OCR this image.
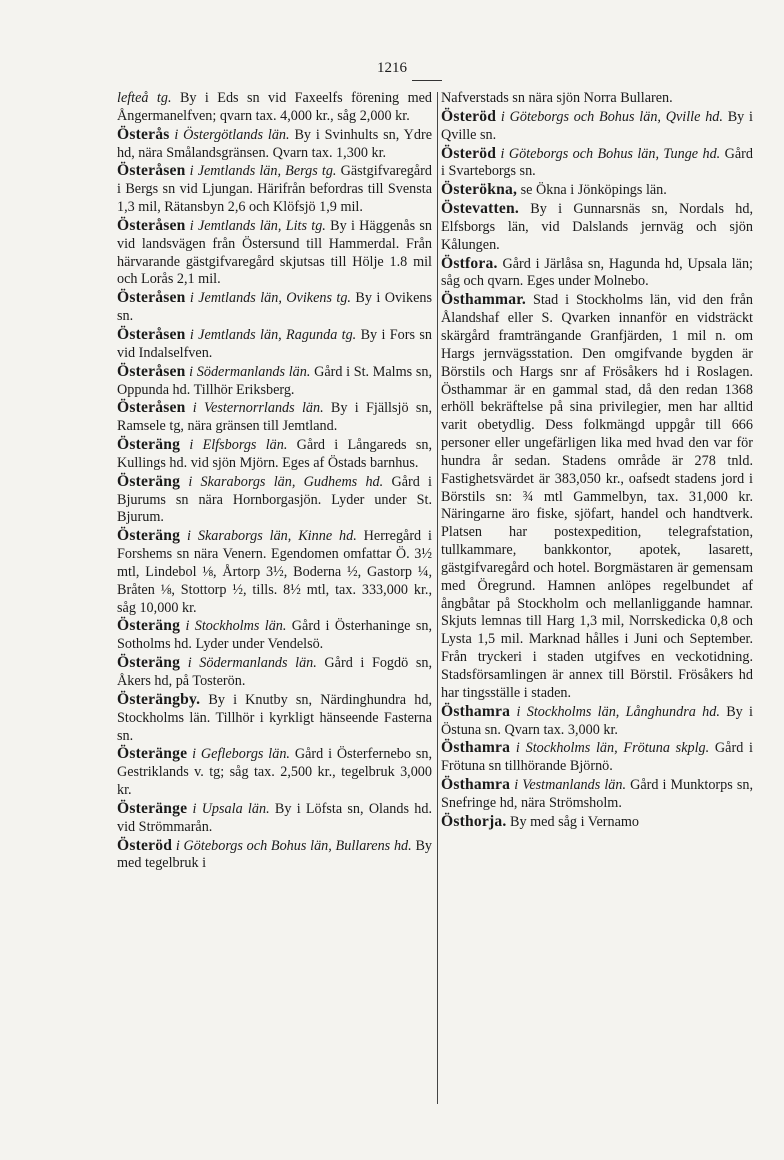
1216

lefteå tg. By i Eds sn vid Faxeelfs förening med Ångermanelfven; qvarn tax. 4,000 kr., såg 2,000 kr.

Österås i Östergötlands län. By i Svinhults sn, Ydre hd, nära Smålandsgränsen. Qvarn tax. 1,300 kr.

Österåsen i Jemtlands län, Bergs tg. Gästgifvaregård i Bergs sn vid Ljungan. Härifrån befordras till Svensta 1,3 mil, Rätansbyn 2,6 och Klöfsjö 1,9 mil.

Österåsen i Jemtlands län, Lits tg. By i Häggenås sn vid landsvägen från Östersund till Hammerdal. Från härvarande gästgifvaregård skjutsas till Hölje 1.8 mil och Lorås 2,1 mil.

Österåsen i Jemtlands län, Ovikens tg. By i Ovikens sn.

Österåsen i Jemtlands län, Ragunda tg. By i Fors sn vid Indalselfven.

Österåsen i Södermanlands län. Gård i St. Malms sn, Oppunda hd. Tillhör Eriksberg.

Österåsen i Vesternorrlands län. By i Fjällsjö sn, Ramsele tg, nära gränsen till Jemtland.

Österäng i Elfsborgs län. Gård i Långareds sn, Kullings hd. vid sjön Mjörn. Eges af Östads barnhus.

Österäng i Skaraborgs län, Gudhems hd. Gård i Bjurums sn nära Hornborgasjön. Lyder under St. Bjurum.

Österäng i Skaraborgs län, Kinne hd. Herregård i Forshems sn nära Venern. Egendomen omfattar Ö. 3½ mtl, Lindebol ⅛, Årtorp 3½, Boderna ½, Gastorp ¼, Bråten ⅛, Stottorp ½, tills. 8½ mtl, tax. 333,000 kr., såg 10,000 kr.

Österäng i Stockholms län. Gård i Österhaninge sn, Sotholms hd. Lyder under Vendelsö.

Österäng i Södermanlands län. Gård i Fogdö sn, Åkers hd, på Tosterön.

Österängby. By i Knutby sn, Närdinghundra hd, Stockholms län. Tillhör i kyrkligt hänseende Fasterna sn.

Österänge i Gefleborgs län. Gård i Österfernebo sn, Gestriklands v. tg; såg tax. 2,500 kr., tegelbruk 3,000 kr.

Österänge i Upsala län. By i Löfsta sn, Olands hd. vid Strömmarån.

Österöd i Göteborgs och Bohus län, Bullarens hd. By med tegelbruk i

Nafverstads sn nära sjön Norra Bullaren.

Österöd i Göteborgs och Bohus län, Qville hd. By i Qville sn.

Österöd i Göteborgs och Bohus län, Tunge hd. Gård i Svarteborgs sn.

Österökna, se Ökna i Jönköpings län.

Östevatten. By i Gunnarsnäs sn, Nordals hd, Elfsborgs län, vid Dalslands jernväg och sjön Kålungen.

Östfora. Gård i Järlåsa sn, Hagunda hd, Upsala län; såg och qvarn. Eges under Molnebo.

Östhammar. Stad i Stockholms län, vid den från Ålandshaf eller S. Qvarken innanför en vidsträckt skärgård framträngande Granfjärden, 1 mil n. om Hargs jernvägsstation. Den omgifvande bygden är Börstils och Hargs snr af Frösåkers hd i Roslagen. Östhammar är en gammal stad, då den redan 1368 erhöll bekräftelse på sina privilegier, men har alltid varit obetydlig. Dess folkmängd uppgår till 666 personer eller ungefärligen lika med hvad den var för hundra år sedan. Stadens område är 278 tnld. Fastighetsvärdet är 383,050 kr., oafsedt stadens jord i Börstils sn: ¾ mtl Gammelbyn, tax. 31,000 kr. Näringarne äro fiske, sjöfart, handel och handtverk. Platsen har postexpedition, telegrafstation, tullkammare, bankkontor, apotek, lasarett, gästgifvaregård och hotel. Borgmästaren är gemensam med Öregrund. Hamnen anlöpes regelbundet af ångbåtar på Stockholm och mellanliggande hamnar. Skjuts lemnas till Harg 1,3 mil, Norrskedicka 0,8 och Lysta 1,5 mil. Marknad hålles i Juni och September. Från tryckeri i staden utgifves en veckotidning. Stadsförsamlingen är annex till Börstil. Frösåkers hd har tingsställe i staden.

Östhamra i Stockholms län, Långhundra hd. By i Östuna sn. Qvarn tax. 3,000 kr.

Östhamra i Stockholms län, Frötuna skplg. Gård i Frötuna sn tillhörande Björnö.

Östhamra i Vestmanlands län. Gård i Munktorps sn, Snefringe hd, nära Strömsholm.

Östhorja. By med såg i Vernamo
